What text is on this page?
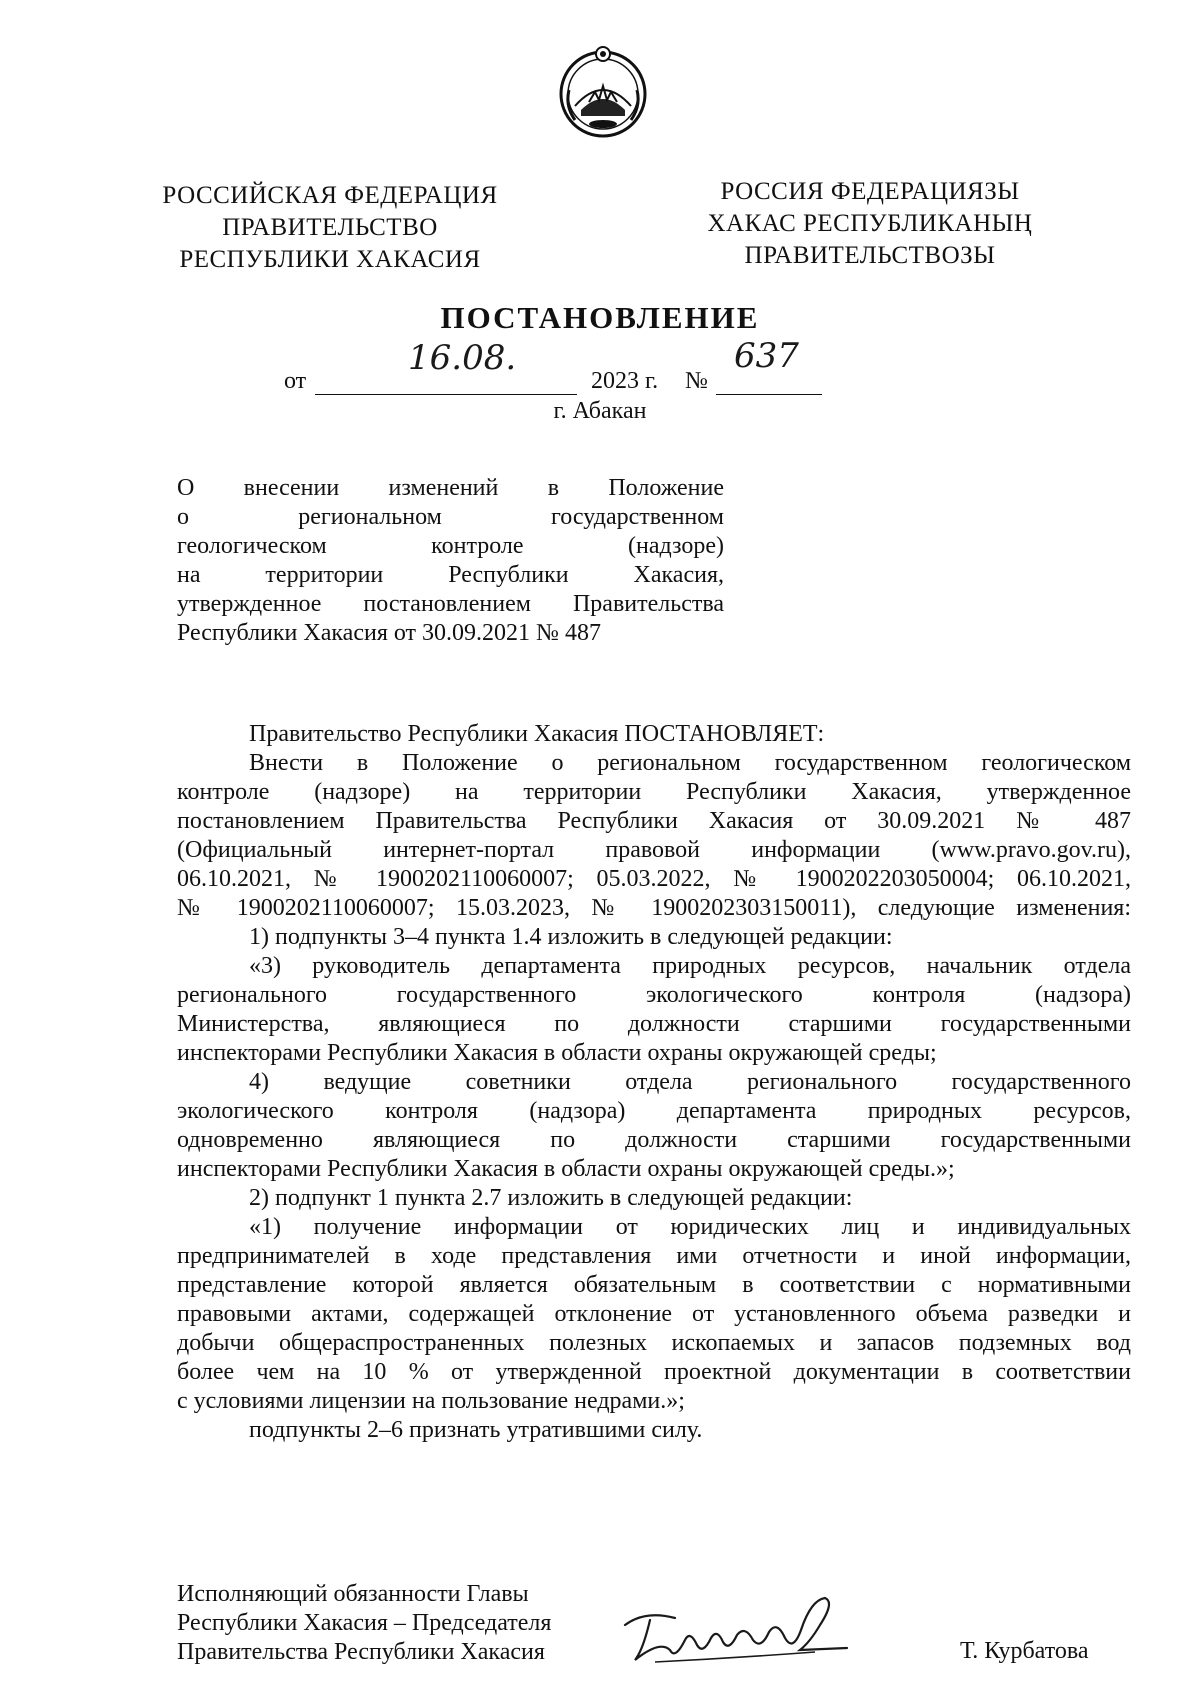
РОССИЙСКАЯ ФЕДЕРАЦИЯ
ПРАВИТЕЛЬСТВО
РЕСПУБЛИКИ ХАКАСИЯ
РОССИЯ ФЕДЕРАЦИЯЗЫ
ХАКАС РЕСПУБЛИКАНЫҢ
ПРАВИТЕЛЬСТВОЗЫ
ПОСТАНОВЛЕНИЕ
от
16.08.
2023 г. №
637
г. Абакан
О внесении изменений в Положение
о региональном государственном
геологическом контроле (надзоре)
на территории Республики Хакасия,
утвержденное постановлением Правительства
Республики Хакасия от 30.09.2021 № 487
Правительство Республики Хакасия ПОСТАНОВЛЯЕТ:
Внести в Положение о региональном государственном геологическом
контроле (надзоре) на территории Республики Хакасия, утвержденное
постановлением Правительства Республики Хакасия от 30.09.2021 № 487
(Официальный интернет-портал правовой информации (www.pravo.gov.ru),
06.10.2021, № 1900202110060007; 05.03.2022, № 1900202203050004; 06.10.2021,
№ 1900202110060007; 15.03.2023, № 1900202303150011), следующие изменения:
1) подпункты 3–4 пункта 1.4 изложить в следующей редакции:
«3) руководитель департамента природных ресурсов, начальник отдела
регионального государственного экологического контроля (надзора)
Министерства, являющиеся по должности старшими государственными
инспекторами Республики Хакасия в области охраны окружающей среды;
4) ведущие советники отдела регионального государственного
экологического контроля (надзора) департамента природных ресурсов,
одновременно являющиеся по должности старшими государственными
инспекторами Республики Хакасия в области охраны окружающей среды.»;
2) подпункт 1 пункта 2.7 изложить в следующей редакции:
«1) получение информации от юридических лиц и индивидуальных
предпринимателей в ходе представления ими отчетности и иной информации,
представление которой является обязательным в соответствии с нормативными
правовыми актами, содержащей отклонение от установленного объема разведки и
добычи общераспространенных полезных ископаемых и запасов подземных вод
более чем на 10 % от утвержденной проектной документации в соответствии
с условиями лицензии на пользование недрами.»;
подпункты 2–6 признать утратившими силу.
Исполняющий обязанности Главы
Республики Хакасия – Председателя
Правительства Республики Хакасия	Т. Курбатова
